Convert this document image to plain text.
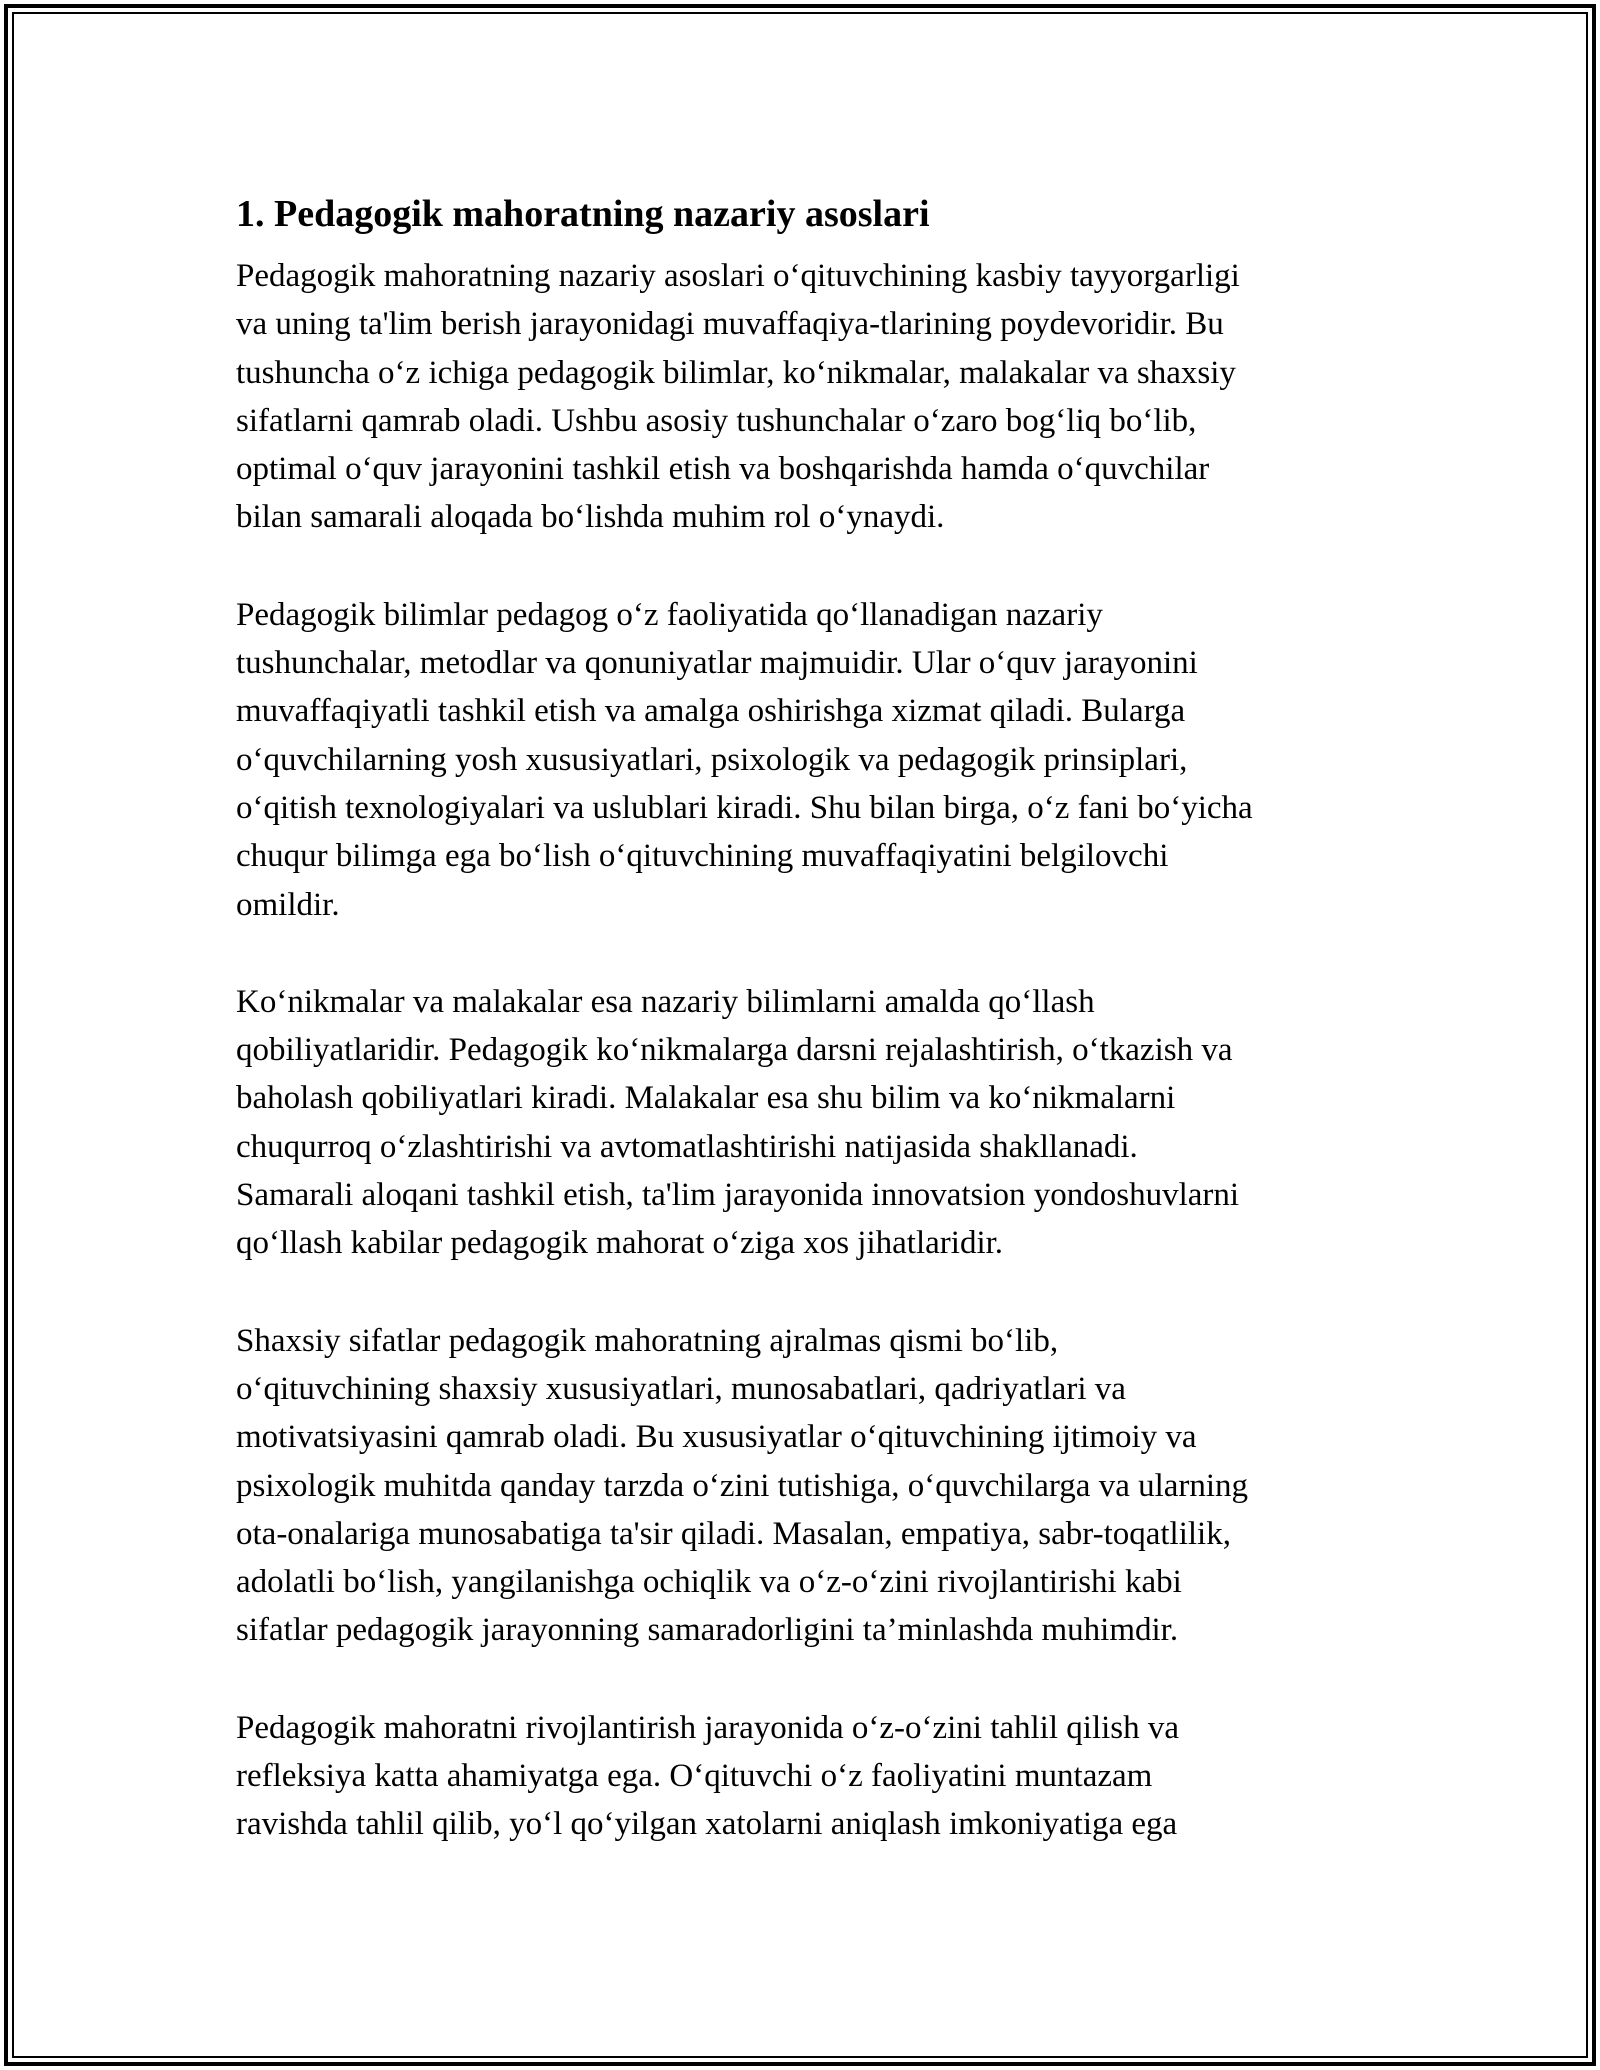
1. Pedagogik mahoratning nazariy asoslari
Pedagogik mahoratning nazariy asoslari o‘qituvchining kasbiy tayyorgarligi
va uning ta'lim berish jarayonidagi muvaffaqiya-tlarining poydevoridir. Bu
tushuncha o‘z ichiga pedagogik bilimlar, ko‘nikmalar, malakalar va shaxsiy
sifatlarni qamrab oladi. Ushbu asosiy tushunchalar o‘zaro bog‘liq bo‘lib,
optimal o‘quv jarayonini tashkil etish va boshqarishda hamda o‘quvchilar
bilan samarali aloqada bo‘lishda muhim rol o‘ynaydi.
Pedagogik bilimlar pedagog o‘z faoliyatida qo‘llanadigan nazariy
tushunchalar, metodlar va qonuniyatlar majmuidir. Ular o‘quv jarayonini
muvaffaqiyatli tashkil etish va amalga oshirishga xizmat qiladi. Bularga
o‘quvchilarning yosh xususiyatlari, psixologik va pedagogik prinsiplari,
o‘qitish texnologiyalari va uslublari kiradi. Shu bilan birga, o‘z fani bo‘yicha
chuqur bilimga ega bo‘lish o‘qituvchining muvaffaqiyatini belgilovchi
omildir.
Ko‘nikmalar va malakalar esa nazariy bilimlarni amalda qo‘llash
qobiliyatlaridir. Pedagogik ko‘nikmalarga darsni rejalashtirish, o‘tkazish va
baholash qobiliyatlari kiradi. Malakalar esa shu bilim va ko‘nikmalarni
chuqurroq o‘zlashtirishi va avtomatlashtirishi natijasida shakllanadi.
Samarali aloqani tashkil etish, ta'lim jarayonida innovatsion yondoshuvlarni
qo‘llash kabilar pedagogik mahorat o‘ziga xos jihatlaridir.
Shaxsiy sifatlar pedagogik mahoratning ajralmas qismi bo‘lib,
o‘qituvchining shaxsiy xususiyatlari, munosabatlari, qadriyatlari va
motivatsiyasini qamrab oladi. Bu xususiyatlar o‘qituvchining ijtimoiy va
psixologik muhitda qanday tarzda o‘zini tutishiga, o‘quvchilarga va ularning
ota-onalariga munosabatiga ta'sir qiladi. Masalan, empatiya, sabr-toqatlilik,
adolatli bo‘lish, yangilanishga ochiqlik va o‘z-o‘zini rivojlantirishi kabi
sifatlar pedagogik jarayonning samaradorligini ta’minlashda muhimdir.
Pedagogik mahoratni rivojlantirish jarayonida o‘z-o‘zini tahlil qilish va
refleksiya katta ahamiyatga ega. O‘qituvchi o‘z faoliyatini muntazam
ravishda tahlil qilib, yo‘l qo‘yilgan xatolarni aniqlash imkoniyatiga ega
